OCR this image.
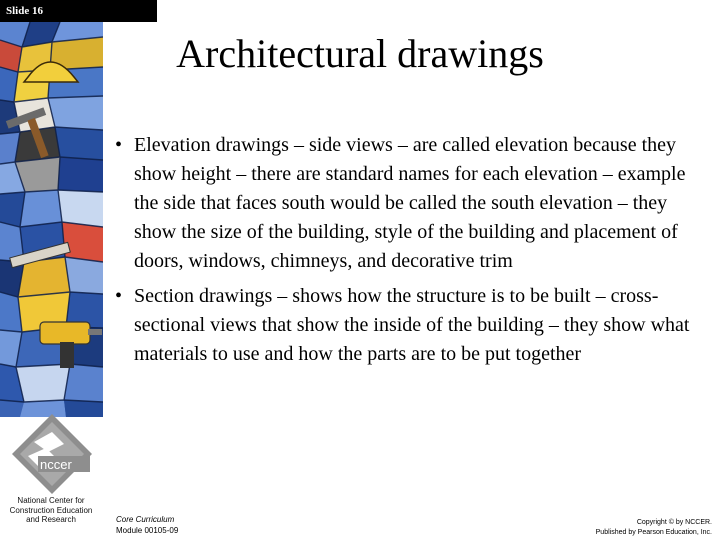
Slide 16
nccer
National Center for Construction Education and Research
Architectural drawings
• Elevation drawings – side views – are called elevation because they show height – there are standard names for each elevation – example the side that faces south would be called the south elevation – they show the size of the building, style of the building and placement of doors, windows, chimneys, and decorative trim
• Section drawings – shows how the structure is to be built – cross-sectional views that show the inside of the building – they show what materials to use and how the parts are to be put together
Core Curriculum
Module 00105-09
Copyright © by NCCER.
Published by Pearson Education, Inc.
